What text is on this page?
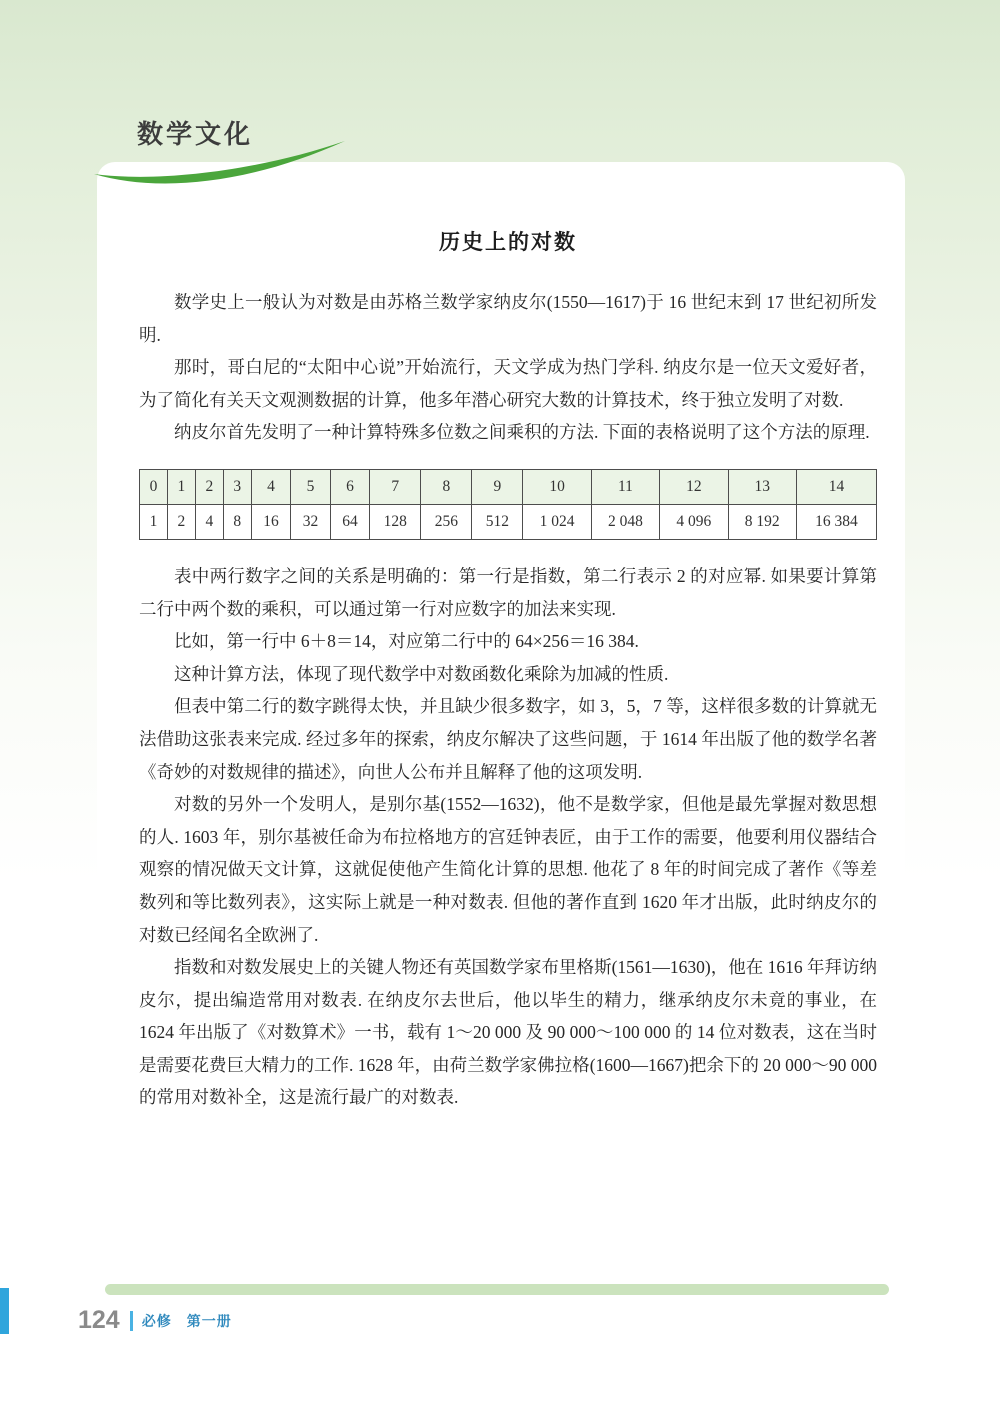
数学文化
历史上的对数

数学史上一般认为对数是由苏格兰数学家纳皮尔(1550—1617)于 16 世纪末到 17 世纪初所发明.

那时，哥白尼的“太阳中心说”开始流行，天文学成为热门学科. 纳皮尔是一位天文爱好者，为了简化有关天文观测数据的计算，他多年潜心研究大数的计算技术，终于独立发明了对数.

纳皮尔首先发明了一种计算特殊多位数之间乘积的方法. 下面的表格说明了这个方法的原理.

0	1	2	3	4	5	6	7	8	9	10	11	12	13	14
1	2	4	8	16	32	64	128	256	512	1 024	2 048	4 096	8 192	16 384

表中两行数字之间的关系是明确的：第一行是指数，第二行表示 2 的对应幂. 如果要计算第二行中两个数的乘积，可以通过第一行对应数字的加法来实现.

比如，第一行中 6＋8＝14，对应第二行中的 64×256＝16 384.

这种计算方法，体现了现代数学中对数函数化乘除为加减的性质.

但表中第二行的数字跳得太快，并且缺少很多数字，如 3，5，7 等，这样很多数的计算就无法借助这张表来完成. 经过多年的探索，纳皮尔解决了这些问题，于 1614 年出版了他的数学名著《奇妙的对数规律的描述》，向世人公布并且解释了他的这项发明.

对数的另外一个发明人，是别尔基(1552—1632)，他不是数学家，但他是最先掌握对数思想的人. 1603 年，别尔基被任命为布拉格地方的宫廷钟表匠，由于工作的需要，他要利用仪器结合观察的情况做天文计算，这就促使他产生简化计算的思想. 他花了 8 年的时间完成了著作《等差数列和等比数列表》，这实际上就是一种对数表. 但他的著作直到 1620 年才出版，此时纳皮尔的对数已经闻名全欧洲了.

指数和对数发展史上的关键人物还有英国数学家布里格斯(1561—1630)，他在 1616 年拜访纳皮尔，提出编造常用对数表. 在纳皮尔去世后，他以毕生的精力，继承纳皮尔未竟的事业，在 1624 年出版了《对数算术》一书，载有 1～20 000 及 90 000～100 000 的 14 位对数表，这在当时是需要花费巨大精力的工作. 1628 年，由荷兰数学家佛拉格(1600—1667)把余下的 20 000～90 000 的常用对数补全，这是流行最广的对数表.

124 必修　第一册
